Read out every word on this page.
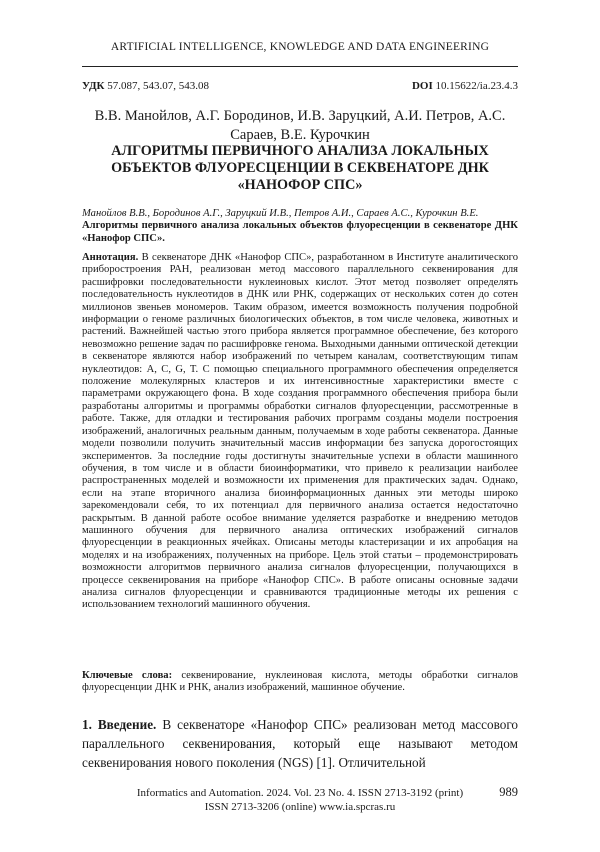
ARTIFICIAL INTELLIGENCE, KNOWLEDGE AND DATA ENGINEERING
УДК 57.087, 543.07, 543.08	DOI 10.15622/ia.23.4.3
В.В. Манойлов, А.Г. Бородинов, И.В. Заруцкий, А.И. Петров, А.С. Сараев, В.Е. Курочкин
АЛГОРИТМЫ ПЕРВИЧНОГО АНАЛИЗА ЛОКАЛЬНЫХ ОБЪЕКТОВ ФЛУОРЕСЦЕНЦИИ В СЕКВЕНАТОРЕ ДНК «НАНОФОР СПС»
Манойлов В.В., Бородинов А.Г., Заруцкий И.В., Петров А.И., Сараев А.С., Курочкин В.Е.
Алгоритмы первичного анализа локальных объектов флуоресценции в секвенаторе ДНК «Нанофор СПС».

Аннотация. В секвенаторе ДНК «Нанофор СПС», разработанном в Институте аналитического приборостроения РАН, реализован метод массового параллельного секвенирования для расшифровки последовательности нуклеиновых кислот. Этот метод позволяет определять последовательность нуклеотидов в ДНК или РНК, содержащих от нескольких сотен до сотен миллионов звеньев мономеров. Таким образом, имеется возможность получения подробной информации о геноме различных биологических объектов, в том числе человека, животных и растений. Важнейшей частью этого прибора является программное обеспечение, без которого невозможно решение задач по расшифровке генома. Выходными данными оптической детекции в секвенаторе являются набор изображений по четырем каналам, соответствующим типам нуклеотидов: A, C, G, T. С помощью специального программного обеспечения определяется положение молекулярных кластеров и их интенсивностные характеристики вместе с параметрами окружающего фона. В ходе создания программного обеспечения прибора были разработаны алгоритмы и программы обработки сигналов флуоресценции, рассмотренные в работе. Также, для отладки и тестирования рабочих программ созданы модели построения изображений, аналогичных реальным данным, получаемым в ходе работы секвенатора. Данные модели позволили получить значительный массив информации без запуска дорогостоящих экспериментов. За последние годы достигнуты значительные успехи в области машинного обучения, в том числе и в области биоинформатики, что привело к реализации наиболее распространенных моделей и возможности их применения для практических задач. Однако, если на этапе вторичного анализа биоинформационных данных эти методы широко зарекомендовали себя, то их потенциал для первичного анализа остается недостаточно раскрытым. В данной работе особое внимание уделяется разработке и внедрению методов машинного обучения для первичного анализа оптических изображений сигналов флуоресценции в реакционных ячейках. Описаны методы кластеризации и их апробация на моделях и на изображениях, полученных на приборе. Цель этой статьи – продемонстрировать возможности алгоритмов первичного анализа сигналов флуоресценции, получающихся в процессе секвенирования на приборе «Нанофор СПС». В работе описаны основные задачи анализа сигналов флуоресценции и сравниваются традиционные методы их решения с использованием технологий машинного обучения.

Ключевые слова: секвенирование, нуклеиновая кислота, методы обработки сигналов флуоресценции ДНК и РНК, анализ изображений, машинное обучение.
1. Введение. В секвенаторе «Нанофор СПС» реализован метод массового параллельного секвенирования, который еще называют методом секвенирования нового поколения (NGS) [1]. Отличительной
Informatics and Automation. 2024. Vol. 23 No. 4. ISSN 2713-3192 (print)
ISSN 2713-3206 (online) www.ia.spcras.ru
989
